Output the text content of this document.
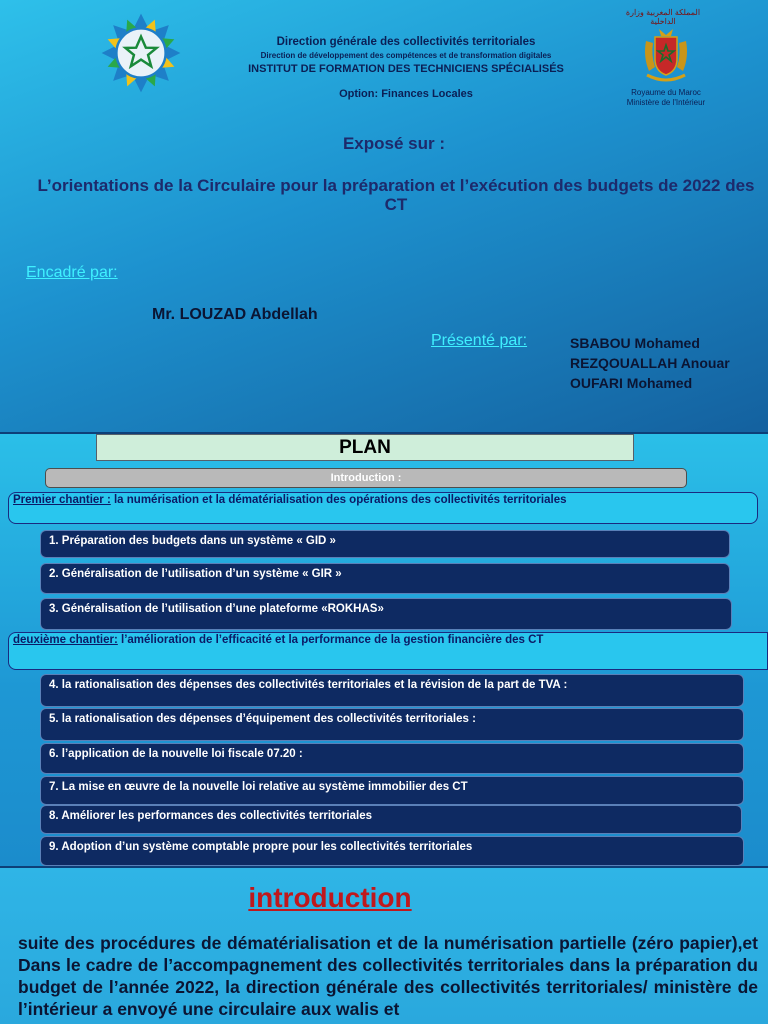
Direction générale des collectivités territoriales
Direction de développement des compétences et de transformation digitales
INSTITUT DE FORMATION DES TECHNICIENS SPÉCIALISÉS
Option: Finances Locales
المملكة المغربية وزارة الداخلية
Royaume du Maroc
Ministère de l'Intérieur
Exposé sur :
L’orientations de la Circulaire pour la préparation et l’exécution des budgets de 2022 des CT
Encadré par:
Mr. LOUZAD Abdellah
Présenté par:	SBABOU Mohamed
REZQOUALLAH Anouar
OUFARI Mohamed
PLAN
Introduction :
Premier chantier : la numérisation et la dématérialisation des opérations des collectivités territoriales
1. Préparation des budgets dans un système « GID »
2. Généralisation de l’utilisation d’un système « GIR »
3. Généralisation de l’utilisation d’une plateforme «ROKHAS»
deuxième chantier: l’amélioration de l’efficacité et la performance de la gestion financière des CT
4. la rationalisation des dépenses des collectivités territoriales et la révision de la part de TVA :
5. la rationalisation des dépenses d’équipement des collectivités territoriales :
6. l’application de la nouvelle loi fiscale 07.20 :
7. La mise en œuvre de la nouvelle loi relative au système immobilier des CT
8. Améliorer les performances des collectivités territoriales
9. Adoption d’un système comptable propre pour les collectivités territoriales
introduction
suite des procédures de dématérialisation et de la numérisation partielle (zéro papier),et Dans le cadre de l’accompagnement des collectivités territoriales dans la préparation du budget de l’année 2022, la direction générale des collectivités territoriales/ ministère de l’intérieur a envoyé une circulaire aux walis et
